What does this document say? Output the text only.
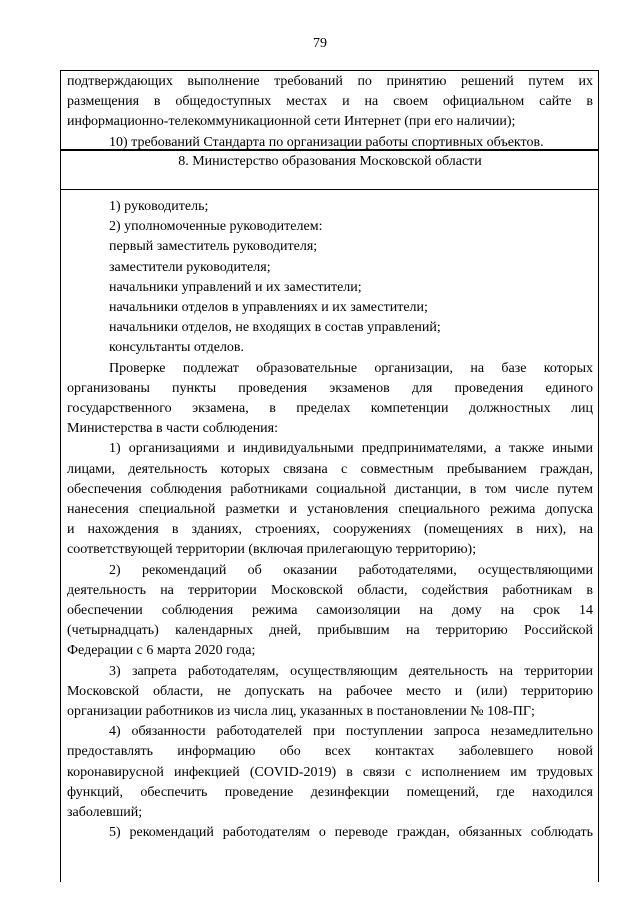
79

подтверждающих выполнение требований по принятию решений путем их

размещения в общедоступных местах и на своем официальном сайте в

информационно-телекоммуникационной сети Интернет (при его наличии);

10) требований Стандарта по организации работы спортивных объектов.

8. Министерство образования Московской области

1) руководитель;

2) уполномоченные руководителем:

первый заместитель руководителя;

заместители руководителя;

начальники управлений и их заместители;

начальники отделов в управлениях и их заместители;

начальники отделов, не входящих в состав управлений;

консультанты отделов.

Проверке подлежат образовательные организации, на базе которых

организованы пункты проведения экзаменов для проведения единого

государственного экзамена, в пределах компетенции должностных лиц

Министерства в части соблюдения:

1) организациями и индивидуальными предпринимателями, а также иными

лицами, деятельность которых связана с совместным пребыванием граждан,

обеспечения соблюдения работниками социальной дистанции, в том числе путем

нанесения специальной разметки и установления специального режима допуска

и нахождения в зданиях, строениях, сооружениях (помещениях в них), на

соответствующей территории (включая прилегающую территорию);

2) рекомендаций об оказании работодателями, осуществляющими

деятельность на территории Московской области, содействия работникам в

обеспечении соблюдения режима самоизоляции на дому на срок 14

(четырнадцать) календарных дней, прибывшим на территорию Российской

Федерации с 6 марта 2020 года;

3) запрета работодателям, осуществляющим деятельность на территории

Московской области, не допускать на рабочее место и (или) территорию

организации работников из числа лиц, указанных в постановлении № 108-ПГ;

4) обязанности работодателей при поступлении запроса незамедлительно

предоставлять информацию обо всех контактах заболевшего новой

коронавирусной инфекцией (COVID-2019) в связи с исполнением им трудовых

функций, обеспечить проведение дезинфекции помещений, где находился

заболевший;

5) рекомендаций работодателям о переводе граждан, обязанных соблюдать
